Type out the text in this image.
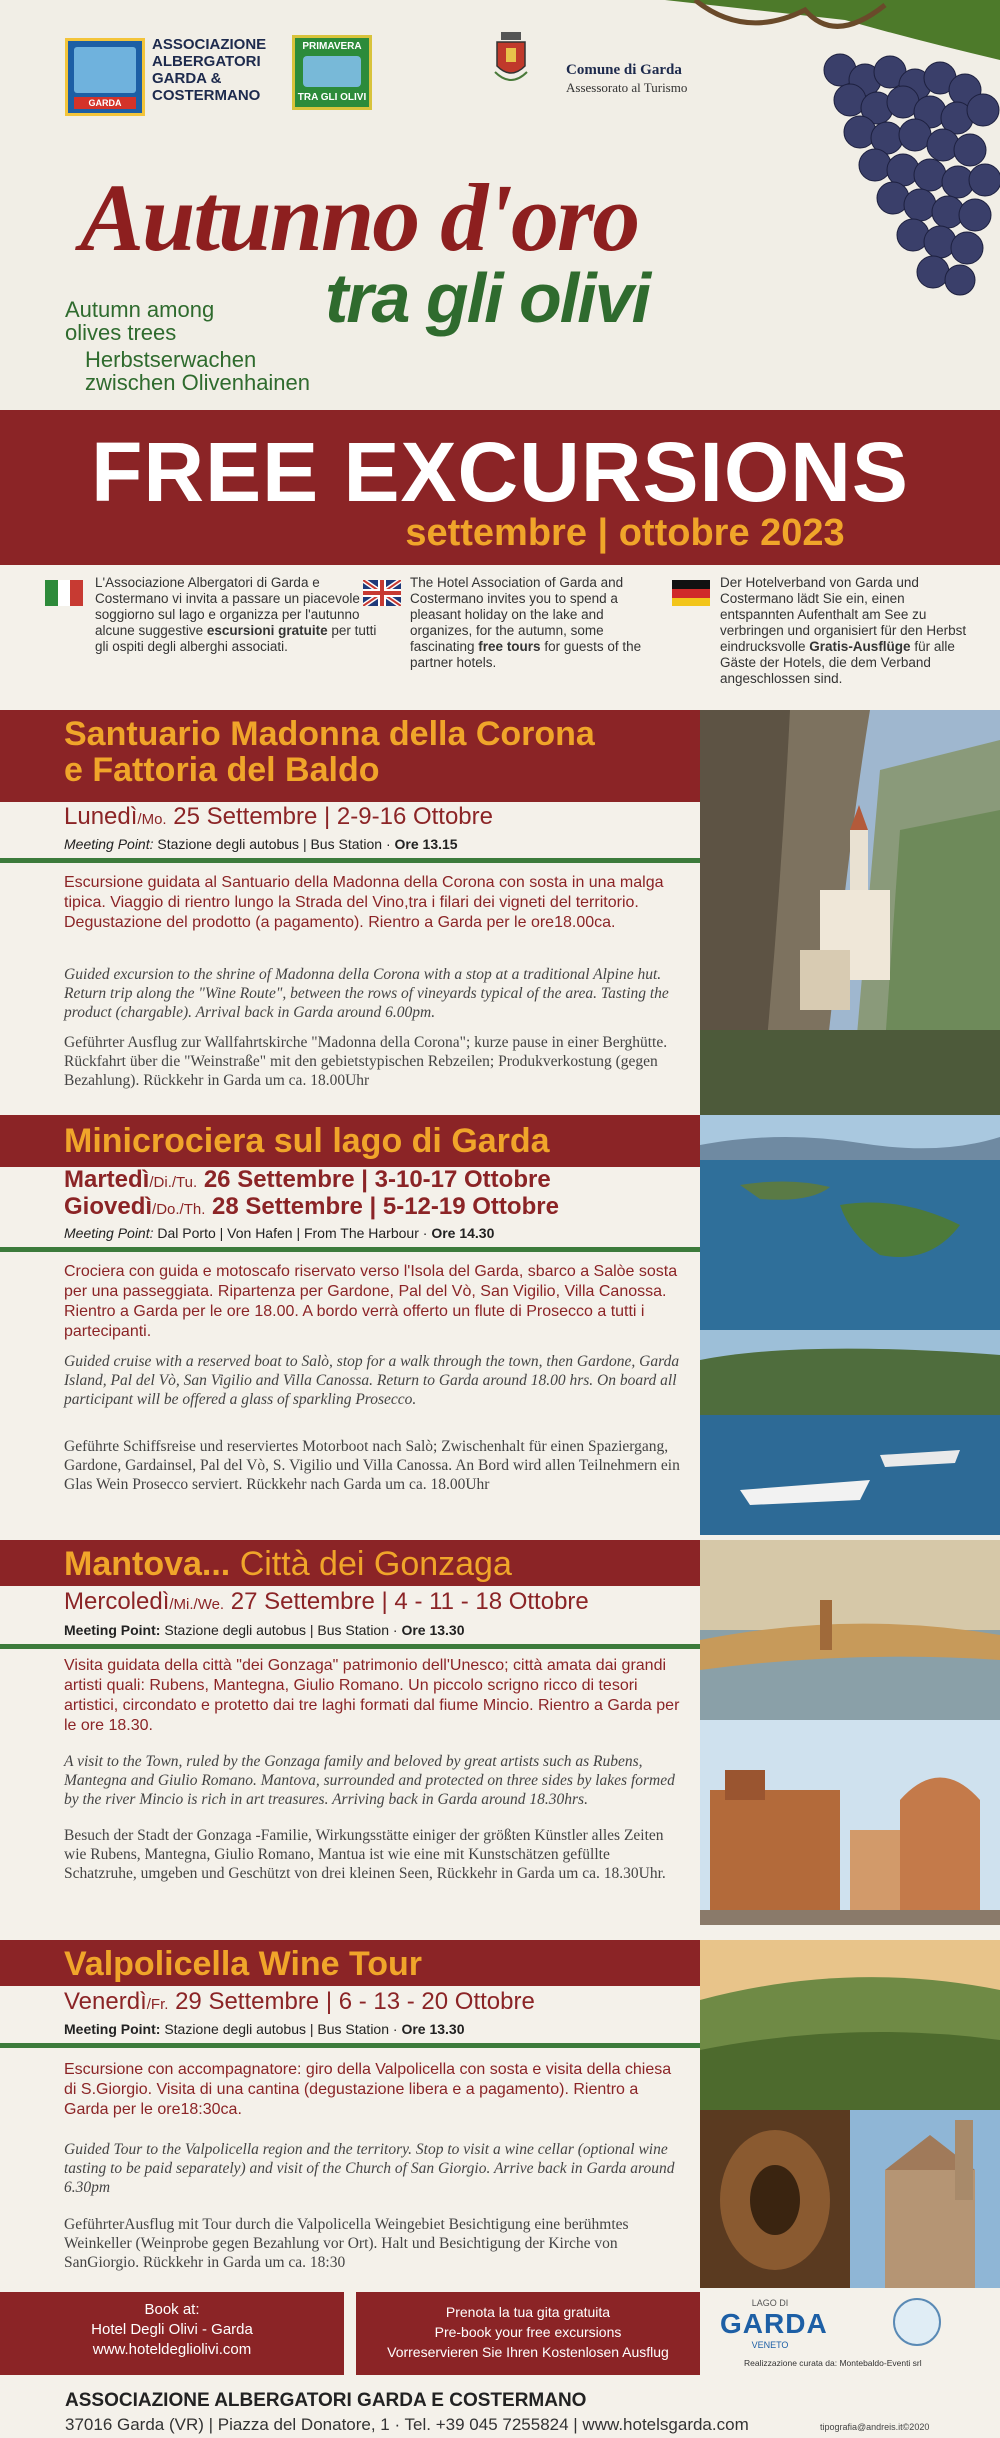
GARDA
ASSOCIAZIONE ALBERGATORI GARDA & COSTERMANO
PRIMAVERA
TRA GLI OLIVI
Comune di Garda
Assessorato al Turismo
Autunno d'oro
tra gli olivi
Autumn among olives trees
Herbstserwachen zwischen Olivenhainen
FREE EXCURSIONS
settembre | ottobre 2023
L'Associazione Albergatori di Garda e Costermano vi invita a passare un piacevole soggiorno sul lago e organizza per l'autunno alcune suggestive escursioni gratuite per tutti gli ospiti degli alberghi associati.
The Hotel Association of Garda and Costermano invites you to spend a pleasant holiday on the lake and organizes, for the autumn, some fascinating free tours for guests of the partner hotels.
Der Hotelverband von Garda und Costermano lädt Sie ein, einen entspannten Aufenthalt am See zu verbringen und organisiert für den Herbst eindrucksvolle Gratis-Ausflüge für alle Gäste der Hotels, die dem Verband angeschlossen sind.
Santuario Madonna della Corona
e Fattoria del Baldo
Lunedì/Mo. 25 Settembre | 2-9-16 Ottobre
Meeting Point: Stazione degli autobus | Bus Station · Ore 13.15
Escursione guidata al Santuario della Madonna della Corona con sosta in una malga tipica. Viaggio di rientro lungo la Strada del Vino,tra i filari dei vigneti del territorio. Degustazione del prodotto (a pagamento). Rientro a Garda per le ore18.00ca.
Guided excursion to the shrine of Madonna della Corona with a stop at a traditional Alpine hut. Return trip along the "Wine Route", between the rows of vineyards typical of the area. Tasting the product (chargable). Arrival back in Garda around 6.00pm.
Geführter Ausflug zur Wallfahrtskirche "Madonna della Corona"; kurze pause in einer Berghütte. Rückfahrt über die "Weinstraße" mit den gebietstypischen Rebzeilen; Produkverkostung (gegen Bezahlung). Rückkehr in Garda um ca. 18.00Uhr
Minicrociera sul lago di Garda
Martedì/Di./Tu. 26 Settembre | 3-10-17 Ottobre
Giovedì/Do./Th. 28 Settembre | 5-12-19 Ottobre
Meeting Point: Dal Porto | Von Hafen | From The Harbour · Ore 14.30
Crociera con guida e motoscafo riservato verso l'Isola del Garda, sbarco a Salòe sosta per una passeggiata. Ripartenza per Gardone, Pal del Vò, San Vigilio, Villa Canossa. Rientro a Garda per le ore 18.00. A bordo verrà offerto un flute di Prosecco a tutti i partecipanti.
Guided cruise with a reserved boat to Salò, stop for a walk through the town, then Gardone, Garda Island, Pal del Vò, San Vigilio and Villa Canossa. Return to Garda around 18.00 hrs. On board all participant will be offered a glass of sparkling Prosecco.
Geführte Schiffsreise und reserviertes Motorboot nach Salò; Zwischenhalt für einen Spaziergang, Gardone, Gardainsel, Pal del Vò, S. Vigilio und Villa Canossa. An Bord wird allen Teilnehmern ein Glas Wein Prosecco serviert. Rückkehr nach Garda um ca. 18.00Uhr
Mantova... Città dei Gonzaga
Mercoledì/Mi./We. 27 Settembre | 4 - 11 - 18 Ottobre
Meeting Point: Stazione degli autobus | Bus Station · Ore 13.30
Visita guidata della città "dei Gonzaga" patrimonio dell'Unesco; città amata dai grandi artisti quali: Rubens, Mantegna, Giulio Romano. Un piccolo scrigno ricco di tesori artistici, circondato e protetto dai tre laghi formati dal fiume Mincio. Rientro a Garda per le ore 18.30.
A visit to the Town, ruled by the Gonzaga family and beloved by great artists such as Rubens, Mantegna and Giulio Romano. Mantova, surrounded and protected on three sides by lakes formed by the river Mincio is rich in art treasures. Arriving back in Garda around 18.30hrs.
Besuch der Stadt der Gonzaga -Familie, Wirkungsstätte einiger der größten Künstler alles Zeiten wie Rubens, Mantegna, Giulio Romano, Mantua ist wie eine mit Kunstschätzen gefüllte Schatzruhe, umgeben und Geschützt von drei kleinen Seen, Rückkehr in Garda um ca. 18.30Uhr.
Valpolicella Wine Tour
Venerdì/Fr. 29 Settembre | 6 - 13 - 20 Ottobre
Meeting Point: Stazione degli autobus | Bus Station · Ore 13.30
Escursione con accompagnatore: giro della Valpolicella con sosta e visita della chiesa di S.Giorgio. Visita di una cantina (degustazione libera e a pagamento). Rientro a Garda per le ore18:30ca.
Guided Tour to the Valpolicella region and the territory. Stop to visit a wine cellar (optional wine tasting to be paid separately) and visit of the Church of San Giorgio. Arrive back in Garda around 6.30pm
GeführterAusflug mit Tour durch die Valpolicella Weingebiet Besichtigung eine berühmtes Weinkeller (Weinprobe gegen Bezahlung vor Ort). Halt und Besichtigung der Kirche von SanGiorgio. Rückkehr in Garda um ca. 18:30
Book at:
Hotel Degli Olivi - Garda
www.hoteldegliolivi.com
Prenota la tua gita gratuita
Pre-book your free excursions
Vorreservieren Sie Ihren Kostenlosen Ausflug
LAGO DI
GARDA
VENETO
Realizzazione curata da: Montebaldo-Eventi srl
ASSOCIAZIONE ALBERGATORI GARDA E COSTERMANO
37016 Garda (VR) | Piazza del Donatore, 1 · Tel. +39 045 7255824 | www.hotelsgarda.com	tipografia@andreis.it©2020
